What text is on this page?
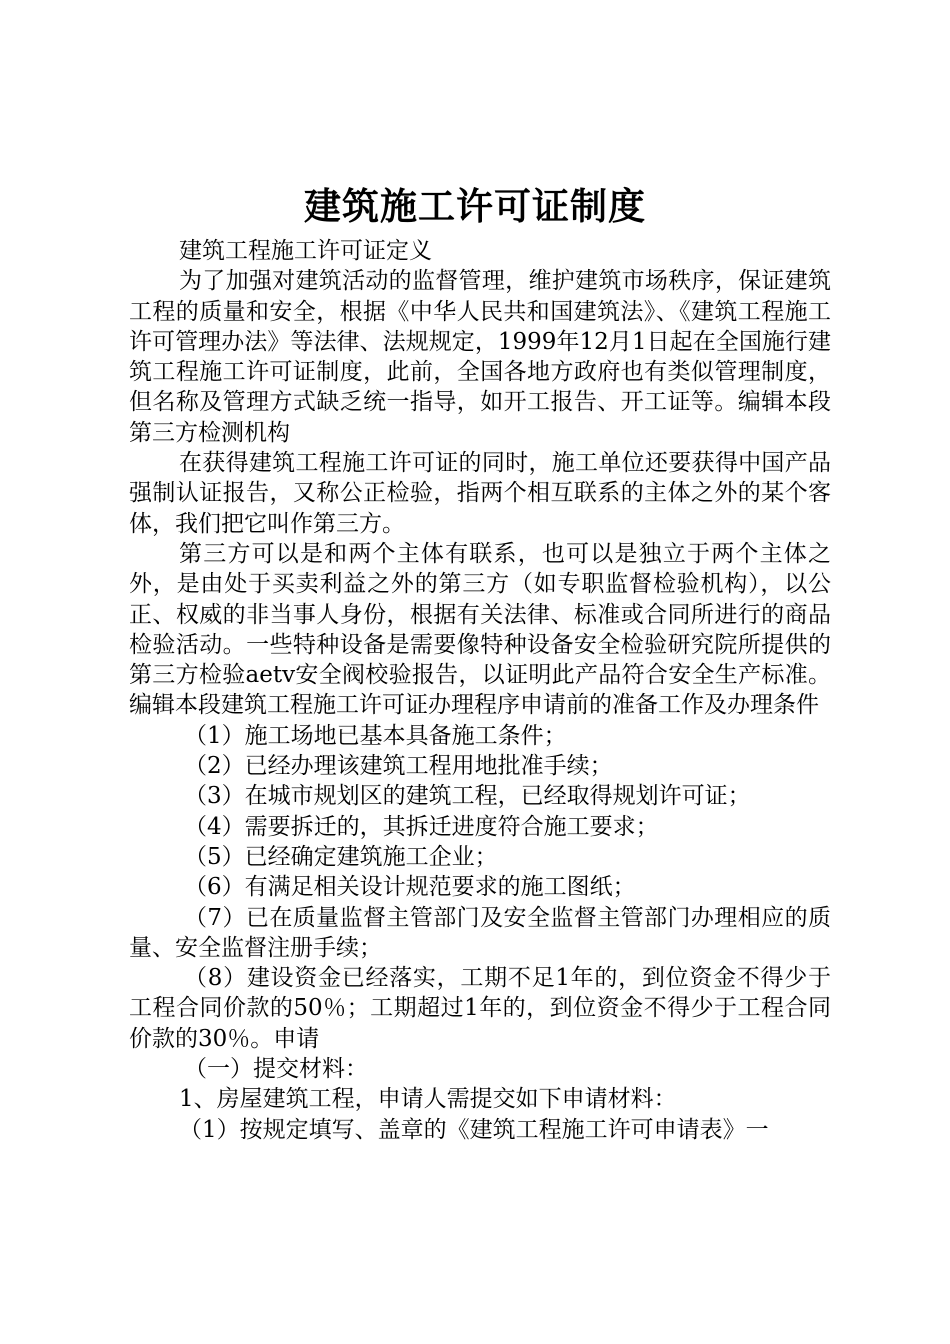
建筑施工许可证制度

建筑工程施工许可证定义

为了加强对建筑活动的监督管理，维护建筑市场秩序，保证建筑工程的质量和安全，根据《中华人民共和国建筑法》、《建筑工程施工许可管理办法》等法律、法规规定，1999年12月1日起在全国施行建筑工程施工许可证制度，此前，全国各地方政府也有类似管理制度，但名称及管理方式缺乏统一指导，如开工报告、开工证等。编辑本段第三方检测机构

在获得建筑工程施工许可证的同时，施工单位还要获得中国产品强制认证报告，又称公正检验，指两个相互联系的主体之外的某个客体，我们把它叫作第三方。

第三方可以是和两个主体有联系，也可以是独立于两个主体之外，是由处于买卖利益之外的第三方（如专职监督检验机构），以公正、权威的非当事人身份，根据有关法律、标准或合同所进行的商品检验活动。一些特种设备是需要像特种设备安全检验研究院所提供的第三方检验aetv安全阀校验报告，以证明此产品符合安全生产标准。编辑本段建筑工程施工许可证办理程序申请前的准备工作及办理条件

（1）施工场地已基本具备施工条件；

（2）已经办理该建筑工程用地批准手续；

（3）在城市规划区的建筑工程，已经取得规划许可证；

（4）需要拆迁的，其拆迁进度符合施工要求；

（5）已经确定建筑施工企业；

（6）有满足相关设计规范要求的施工图纸；

（7）已在质量监督主管部门及安全监督主管部门办理相应的质量、安全监督注册手续；

（8）建设资金已经落实，工期不足1年的，到位资金不得少于工程合同价款的50％；工期超过1年的，到位资金不得少于工程合同价款的30％。申请

（一）提交材料：

1、房屋建筑工程，申请人需提交如下申请材料：

（1）按规定填写、盖章的《建筑工程施工许可申请表》一
